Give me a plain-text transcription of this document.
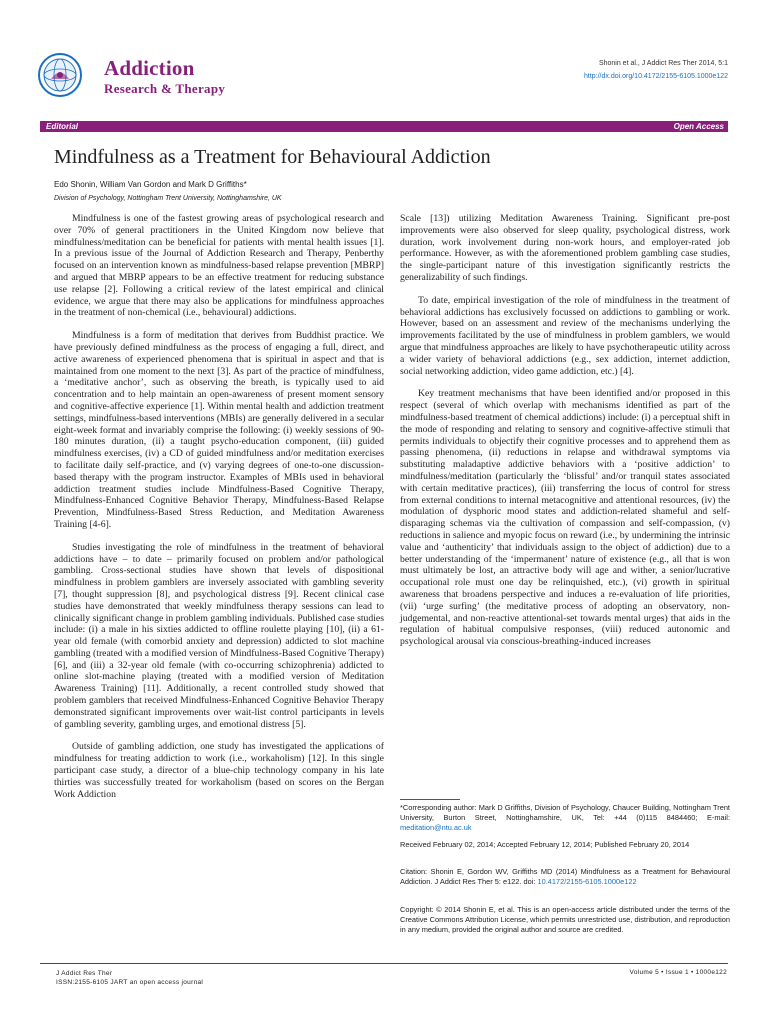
Addiction
Research & Therapy
Shonin et al., J Addict Res Ther 2014, 5:1
http://dx.doi.org/10.4172/2155-6105.1000e122
Editorial	Open Access
Mindfulness as a Treatment for Behavioural Addiction
Edo Shonin, William Van Gordon and Mark D Griffiths*
Division of Psychology, Nottingham Trent University, Nottinghamshire, UK

Mindfulness is one of the fastest growing areas of psychological research and over 70% of general practitioners in the United Kingdom now believe that mindfulness/meditation can be beneficial for patients with mental health issues [1]. In a previous issue of the Journal of Addiction Research and Therapy, Penberthy focused on an intervention known as mindfulness-based relapse prevention [MBRP] and argued that MBRP appears to be an effective treatment for reducing substance use relapse [2]. Following a critical review of the latest empirical and clinical evidence, we argue that there may also be applications for mindfulness approaches in the treatment of non-chemical (i.e., behavioural) addictions.

Mindfulness is a form of meditation that derives from Buddhist practice. We have previously defined mindfulness as the process of engaging a full, direct, and active awareness of experienced phenomena that is spiritual in aspect and that is maintained from one moment to the next [3]. As part of the practice of mindfulness, a ‘meditative anchor’, such as observing the breath, is typically used to aid concentration and to help maintain an open-awareness of present moment sensory and cognitive-affective experience [1]. Within mental health and addiction treatment settings, mindfulness-based interventions (MBIs) are generally delivered in a secular eight-week format and invariably comprise the following: (i) weekly sessions of 90-180 minutes duration, (ii) a taught psycho-education component, (iii) guided mindfulness exercises, (iv) a CD of guided mindfulness and/or meditation exercises to facilitate daily self-practice, and (v) varying degrees of one-to-one discussion-based therapy with the program instructor. Examples of MBIs used in behavioral addiction treatment studies include Mindfulness-Based Cognitive Therapy, Mindfulness-Enhanced Cognitive Behavior Therapy, Mindfulness-Based Relapse Prevention, Mindfulness-Based Stress Reduction, and Meditation Awareness Training [4-6].

Studies investigating the role of mindfulness in the treatment of behavioral addictions have – to date – primarily focused on problem and/or pathological gambling. Cross-sectional studies have shown that levels of dispositional mindfulness in problem gamblers are inversely associated with gambling severity [7], thought suppression [8], and psychological distress [9]. Recent clinical case studies have demonstrated that weekly mindfulness therapy sessions can lead to clinically significant change in problem gambling individuals. Published case studies include: (i) a male in his sixties addicted to offline roulette playing [10], (ii) a 61-year old female (with comorbid anxiety and depression) addicted to slot machine gambling (treated with a modified version of Mindfulness-Based Cognitive Therapy) [6], and (iii) a 32-year old female (with co-occurring schizophrenia) addicted to online slot-machine playing (treated with a modified version of Meditation Awareness Training) [11]. Additionally, a recent controlled study showed that problem gamblers that received Mindfulness-Enhanced Cognitive Behavior Therapy demonstrated significant improvements over wait-list control participants in levels of gambling severity, gambling urges, and emotional distress [5].

Outside of gambling addiction, one study has investigated the applications of mindfulness for treating addiction to work (i.e., workaholism) [12]. In this single participant case study, a director of a blue-chip technology company in his late thirties was successfully treated for workaholism (based on scores on the Bergan Work Addiction

Scale [13]) utilizing Meditation Awareness Training. Significant pre-post improvements were also observed for sleep quality, psychological distress, work duration, work involvement during non-work hours, and employer-rated job performance. However, as with the aforementioned problem gambling case studies, the single-participant nature of this investigation significantly restricts the generalizability of such findings.

To date, empirical investigation of the role of mindfulness in the treatment of behavioral addictions has exclusively focussed on addictions to gambling or work. However, based on an assessment and review of the mechanisms underlying the improvements facilitated by the use of mindfulness in problem gamblers, we would argue that mindfulness approaches are likely to have psychotherapeutic utility across a wider variety of behavioral addictions (e.g., sex addiction, internet addiction, social networking addiction, video game addiction, etc.) [4].

Key treatment mechanisms that have been identified and/or proposed in this respect (several of which overlap with mechanisms identified as part of the mindfulness-based treatment of chemical addictions) include: (i) a perceptual shift in the mode of responding and relating to sensory and cognitive-affective stimuli that permits individuals to objectify their cognitive processes and to apprehend them as passing phenomena, (ii) reductions in relapse and withdrawal symptoms via substituting maladaptive addictive behaviors with a ‘positive addiction’ to mindfulness/meditation (particularly the ‘blissful’ and/or tranquil states associated with certain meditative practices), (iii) transferring the locus of control for stress from external conditions to internal metacognitive and attentional resources, (iv) the modulation of dysphoric mood states and addiction-related shameful and self-disparaging schemas via the cultivation of compassion and self-compassion, (v) reductions in salience and myopic focus on reward (i.e., by undermining the intrinsic value and ‘authenticity’ that individuals assign to the object of addiction) due to a better understanding of the ‘impermanent’ nature of existence (e.g., all that is won must ultimately be lost, an attractive body will age and wither, a senior/lucrative occupational role must one day be relinquished, etc.), (vi) growth in spiritual awareness that broadens perspective and induces a re-evaluation of life priorities, (vii) ‘urge surfing’ (the meditative process of adopting an observatory, non-judgemental, and non-reactive attentional-set towards mental urges) that aids in the regulation of habitual compulsive responses, (viii) reduced autonomic and psychological arousal via conscious-breathing-induced increases

*Corresponding author: Mark D Griffiths, Division of Psychology, Chaucer Building, Nottingham Trent University, Burton Street, Nottinghamshire, UK, Tel: +44 (0)115 8484460; E-mail: meditation@ntu.ac.uk
Received February 02, 2014; Accepted February 12, 2014; Published February 20, 2014
Citation: Shonin E, Gordon WV, Griffiths MD (2014) Mindfulness as a Treatment for Behavioural Addiction. J Addict Res Ther 5: e122. doi: 10.4172/2155-6105.1000e122
Copyright: © 2014 Shonin E, et al. This is an open-access article distributed under the terms of the Creative Commons Attribution License, which permits unrestricted use, distribution, and reproduction in any medium, provided the original author and source are credited.
J Addict Res Ther
ISSN:2155-6105 JART an open access journal
Volume 5 • Issue 1 • 1000e122
